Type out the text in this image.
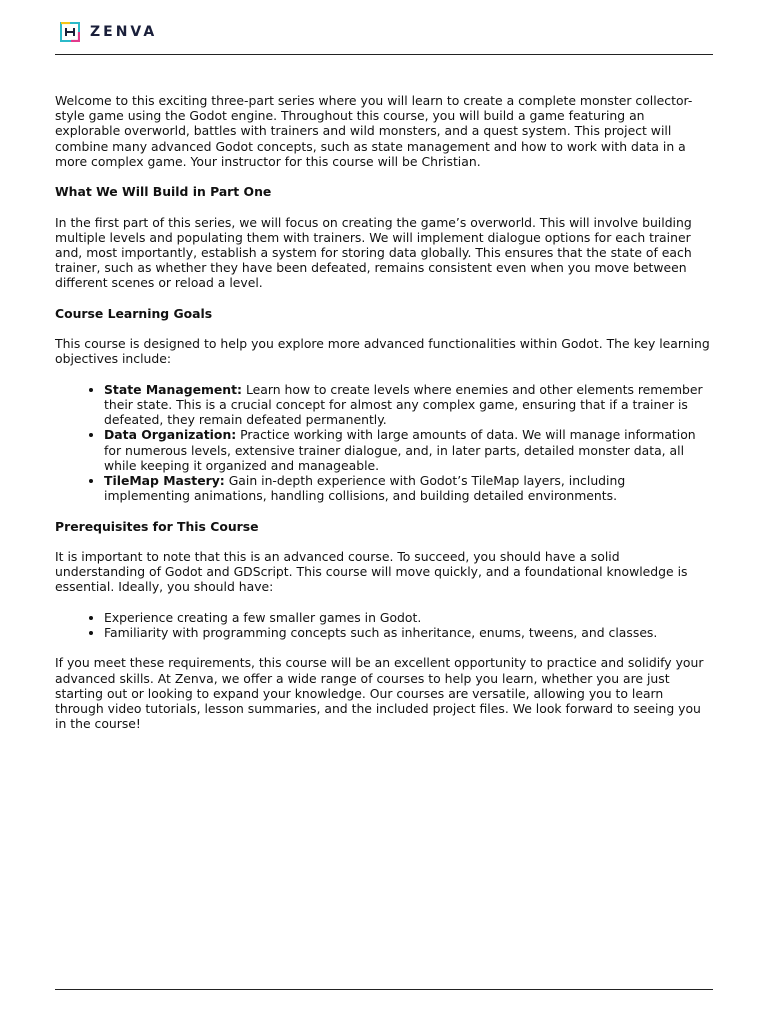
ZENVA

Welcome to this exciting three-part series where you will learn to create a complete monster collector-style game using the Godot engine. Throughout this course, you will build a game featuring an explorable overworld, battles with trainers and wild monsters, and a quest system. This project will combine many advanced Godot concepts, such as state management and how to work with data in a more complex game. Your instructor for this course will be Christian.

What We Will Build in Part One

In the first part of this series, we will focus on creating the game’s overworld. This will involve building multiple levels and populating them with trainers. We will implement dialogue options for each trainer and, most importantly, establish a system for storing data globally. This ensures that the state of each trainer, such as whether they have been defeated, remains consistent even when you move between different scenes or reload a level.

Course Learning Goals

This course is designed to help you explore more advanced functionalities within Godot. The key learning objectives include:

• State Management: Learn how to create levels where enemies and other elements remember their state. This is a crucial concept for almost any complex game, ensuring that if a trainer is defeated, they remain defeated permanently.
• Data Organization: Practice working with large amounts of data. We will manage information for numerous levels, extensive trainer dialogue, and, in later parts, detailed monster data, all while keeping it organized and manageable.
• TileMap Mastery: Gain in-depth experience with Godot’s TileMap layers, including implementing animations, handling collisions, and building detailed environments.
Prerequisites for This Course

It is important to note that this is an advanced course. To succeed, you should have a solid understanding of Godot and GDScript. This course will move quickly, and a foundational knowledge is essential. Ideally, you should have:

• Experience creating a few smaller games in Godot.
• Familiarity with programming concepts such as inheritance, enums, tweens, and classes.

If you meet these requirements, this course will be an excellent opportunity to practice and solidify your advanced skills. At Zenva, we offer a wide range of courses to help you learn, whether you are just starting out or looking to expand your knowledge. Our courses are versatile, allowing you to learn through video tutorials, lesson summaries, and the included project files. We look forward to seeing you in the course!
